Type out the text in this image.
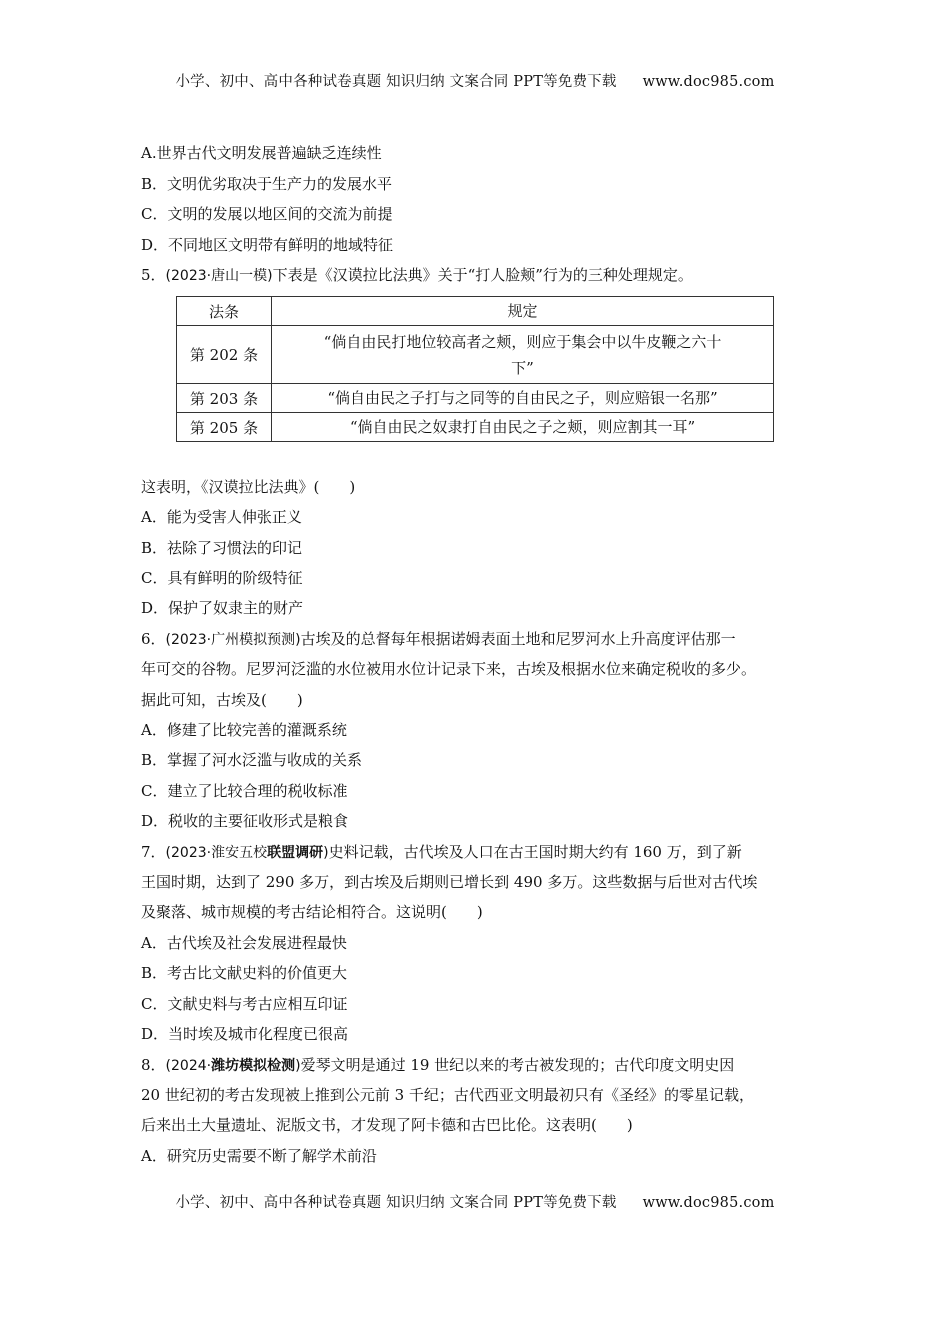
小学、初中、高中各种试卷真题 知识归纳 文案合同 PPT等免费下载 www.doc985.com
A.世界古代文明发展普遍缺乏连续性
B．文明优劣取决于生产力的发展水平
C．文明的发展以地区间的交流为前提
D．不同地区文明带有鲜明的地域特征
5．(2023·唐山一模)下表是《汉谟拉比法典》关于“打人脸颊”行为的三种处理规定。
法条	规定
第 202 条	“倘自由民打地位较高者之颊，则应于集会中以牛皮鞭之六十
下”

第 203 条	“倘自由民之子打与之同等的自由民之子，则应赔银一名那”
第 205 条	“倘自由民之奴隶打自由民之子之颊，则应割其一耳”
这表明，《汉谟拉比法典》(　　)
A．能为受害人伸张正义
B．祛除了习惯法的印记
C．具有鲜明的阶级特征
D．保护了奴隶主的财产
6．(2023·广州模拟预测)古埃及的总督每年根据诺姆表面土地和尼罗河水上升高度评估那一
年可交的谷物。尼罗河泛滥的水位被用水位计记录下来，古埃及根据水位来确定税收的多少。
据此可知，古埃及(　　)
A．修建了比较完善的灌溉系统
B．掌握了河水泛滥与收成的关系
C．建立了比较合理的税收标准
D．税收的主要征收形式是粮食
7．(2023·淮安五校联盟调研)史料记载，古代埃及人口在古王国时期大约有 160 万，到了新
王国时期，达到了 290 多万，到古埃及后期则已增长到 490 多万。这些数据与后世对古代埃
及聚落、城市规模的考古结论相符合。这说明(　　)
A．古代埃及社会发展进程最快
B．考古比文献史料的价值更大
C．文献史料与考古应相互印证
D．当时埃及城市化程度已很高
8．(2024·潍坊模拟检测)爱琴文明是通过 19 世纪以来的考古被发现的；古代印度文明史因
20 世纪初的考古发现被上推到公元前 3 千纪；古代西亚文明最初只有《圣经》的零星记载，
后来出土大量遗址、泥版文书，才发现了阿卡德和古巴比伦。这表明(　　)
A．研究历史需要不断了解学术前沿
小学、初中、高中各种试卷真题 知识归纳 文案合同 PPT等免费下载 www.doc985.com
